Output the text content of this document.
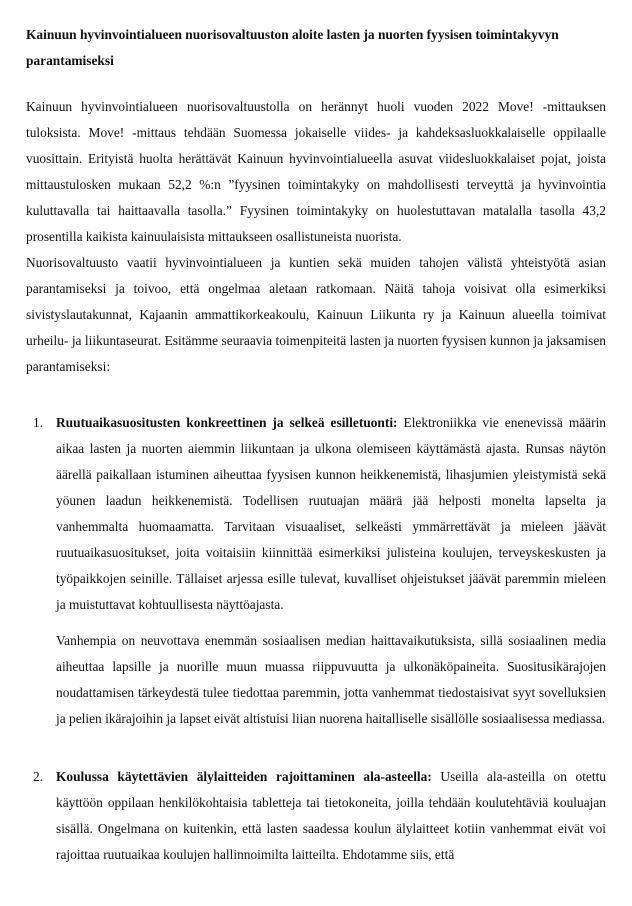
Kainuun hyvinvointialueen nuorisovaltuuston aloite lasten ja nuorten fyysisen toimintakyvyn parantamiseksi

Kainuun hyvinvointialueen nuorisovaltuustolla on herännyt huoli vuoden 2022 Move! -mittauksen tuloksista. Move! -mittaus tehdään Suomessa jokaiselle viides- ja kahdeksasluokkalaiselle oppilaalle vuosittain. Erityistä huolta herättävät Kainuun hyvinvointialueella asuvat viidesluokkalaiset pojat, joista mittaustulosken mukaan 52,2 %:n ”fyysinen toimintakyky on mahdollisesti terveyttä ja hyvinvointia kuluttavalla tai haittaavalla tasolla.” Fyysinen toimintakyky on huolestuttavan matalalla tasolla 43,2 prosentilla kaikista kainuulaisista mittaukseen osallistuneista nuorista.

Nuorisovaltuusto vaatii hyvinvointialueen ja kuntien sekä muiden tahojen välistä yhteistyötä asian parantamiseksi ja toivoo, että ongelmaa aletaan ratkomaan. Näitä tahoja voisivat olla esimerkiksi sivistyslautakunnat, Kajaanin ammattikorkeakoulu, Kainuun Liikunta ry ja Kainuun alueella toimivat urheilu- ja liikuntaseurat. Esitämme seuraavia toimenpiteitä lasten ja nuorten fyysisen kunnon ja jaksamisen parantamiseksi:

1. Ruutuaikasuositusten konkreettinen ja selkeä esilletuonti: Elektroniikka vie enenevissä määrin aikaa lasten ja nuorten aiemmin liikuntaan ja ulkona olemiseen käyttämästä ajasta. Runsas näytön äärellä paikallaan istuminen aiheuttaa fyysisen kunnon heikkenemistä, lihasjumien yleistymistä sekä yöunen laadun heikkenemistä. Todellisen ruutuajan määrä jää helposti monelta lapselta ja vanhemmalta huomaamatta. Tarvitaan visuaaliset, selkeästi ymmärrettävät ja mieleen jäävät ruutuaikasuositukset, joita voitaisiin kiinnittää esimerkiksi julisteina koulujen, terveyskeskusten ja työpaikkojen seinille. Tällaiset arjessa esille tulevat, kuvalliset ohjeistukset jäävät paremmin mieleen ja muistuttavat kohtuullisesta näyttöajasta.

Vanhempia on neuvottava enemmän sosiaalisen median haittavaikutuksista, sillä sosiaalinen media aiheuttaa lapsille ja nuorille muun muassa riippuvuutta ja ulkonäköpaineita. Suositusikärajojen noudattamisen tärkeydestä tulee tiedottaa paremmin, jotta vanhemmat tiedostaisivat syyt sovelluksien ja pelien ikärajoihin ja lapset eivät altistuisi liian nuorena haitalliselle sisällölle sosiaalisessa mediassa.

2. Koulussa käytettävien älylaitteiden rajoittaminen ala-asteella: Useilla ala-asteilla on otettu käyttöön oppilaan henkilökohtaisia tabletteja tai tietokoneita, joilla tehdään koulutehtäviä kouluajan sisällä. Ongelmana on kuitenkin, että lasten saadessa koulun älylaitteet kotiin vanhemmat eivät voi rajoittaa ruutuaikaa koulujen hallinnoimilta laitteilta. Ehdotamme siis, että
